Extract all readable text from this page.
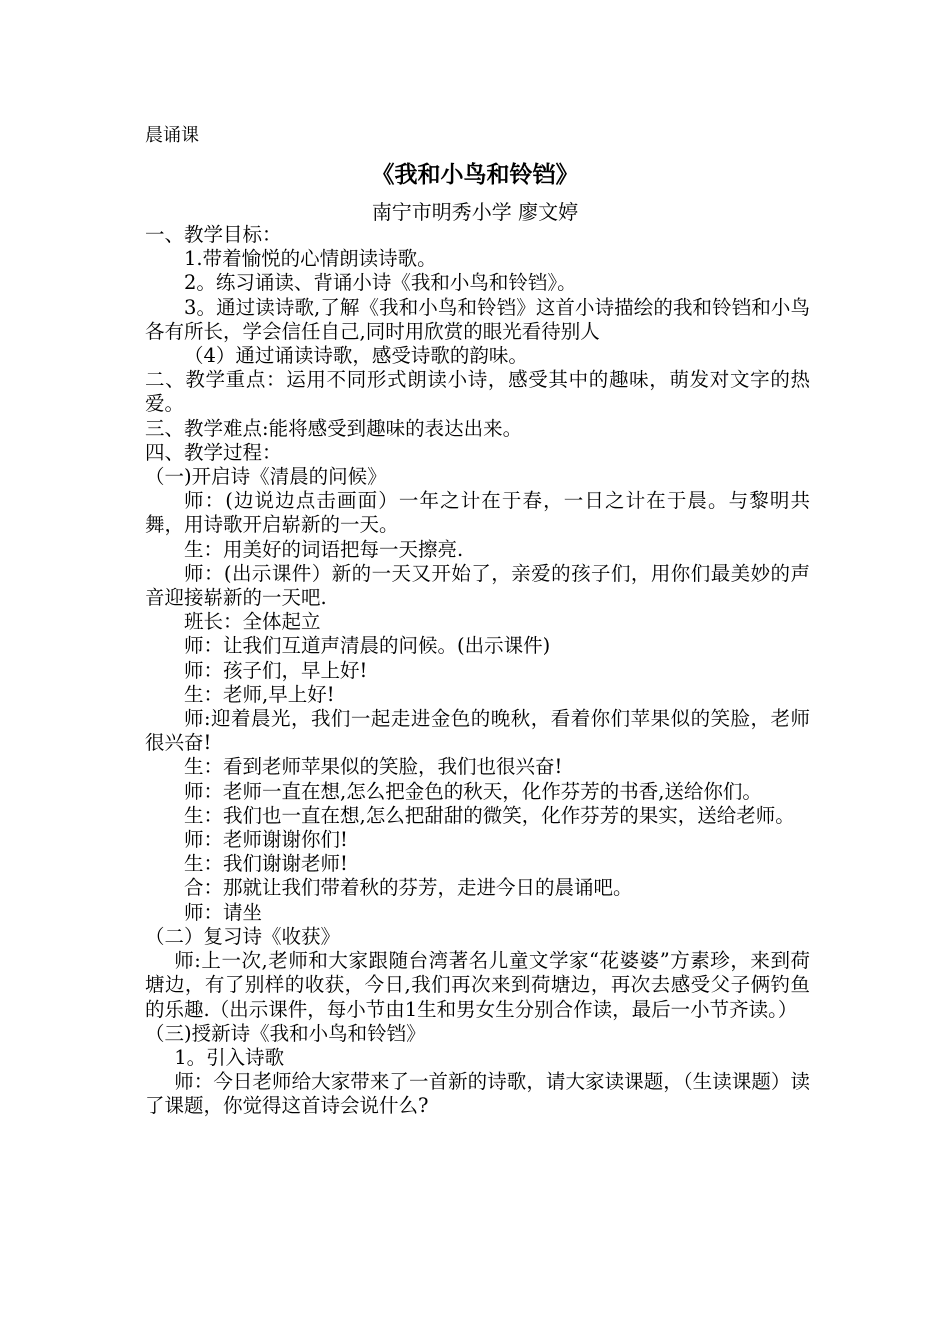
晨诵课
《我和小鸟和铃铛》
南宁市明秀小学 廖文婷

一、教学目标：

1.带着愉悦的心情朗读诗歌。

2。练习诵读、背诵小诗《我和小鸟和铃铛》。

3。通过读诗歌,了解《我和小鸟和铃铛》这首小诗描绘的我和铃铛和小鸟各有所长，学会信任自己,同时用欣赏的眼光看待别人

（4）通过诵读诗歌，感受诗歌的韵味。

二、教学重点：运用不同形式朗读小诗，感受其中的趣味，萌发对文字的热爱。

三、教学难点:能将感受到趣味的表达出来。

四、教学过程：

（一)开启诗《清晨的问候》

师：(边说边点击画面）一年之计在于春，一日之计在于晨。与黎明共舞，用诗歌开启崭新的一天。

生：用美好的词语把每一天擦亮.

师：(出示课件）新的一天又开始了，亲爱的孩子们，用你们最美妙的声音迎接崭新的一天吧.

班长：全体起立

师：让我们互道声清晨的问候。(出示课件)

师：孩子们，早上好!

生：老师,早上好!

师:迎着晨光，我们一起走进金色的晚秋，看着你们苹果似的笑脸，老师很兴奋!

生：看到老师苹果似的笑脸，我们也很兴奋!

师：老师一直在想,怎么把金色的秋天，化作芬芳的书香,送给你们。

生：我们也一直在想,怎么把甜甜的微笑，化作芬芳的果实，送给老师。

师：老师谢谢你们!

生：我们谢谢老师!

合：那就让我们带着秋的芬芳，走进今日的晨诵吧。

师：请坐

（二）复习诗《收获》

师:上一次,老师和大家跟随台湾著名儿童文学家“花婆婆”方素珍，来到荷塘边，有了别样的收获，今日,我们再次来到荷塘边，再次去感受父子俩钓鱼的乐趣.（出示课件，每小节由1生和男女生分别合作读，最后一小节齐读。）

（三)授新诗《我和小鸟和铃铛》

1。引入诗歌

师：今日老师给大家带来了一首新的诗歌，请大家读课题，（生读课题）读了课题，你觉得这首诗会说什么?
